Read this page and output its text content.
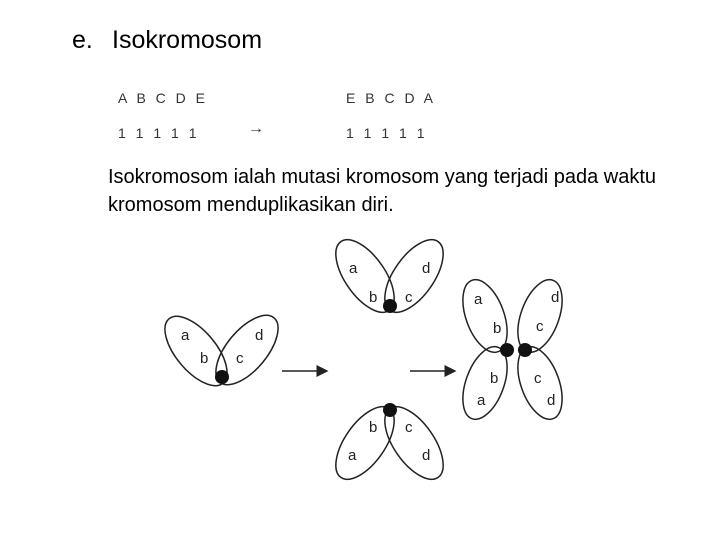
e. Isokromosom
A B C D E
1 1 1 1 1	→
E B C D A
1 1 1 1 1
Isokromosom ialah mutasi kromosom yang terjadi pada waktu kromosom menduplikasikan diri.
a
b c
d
a
b c
d
b c
a	d
a
b c
d
b c
a	d
